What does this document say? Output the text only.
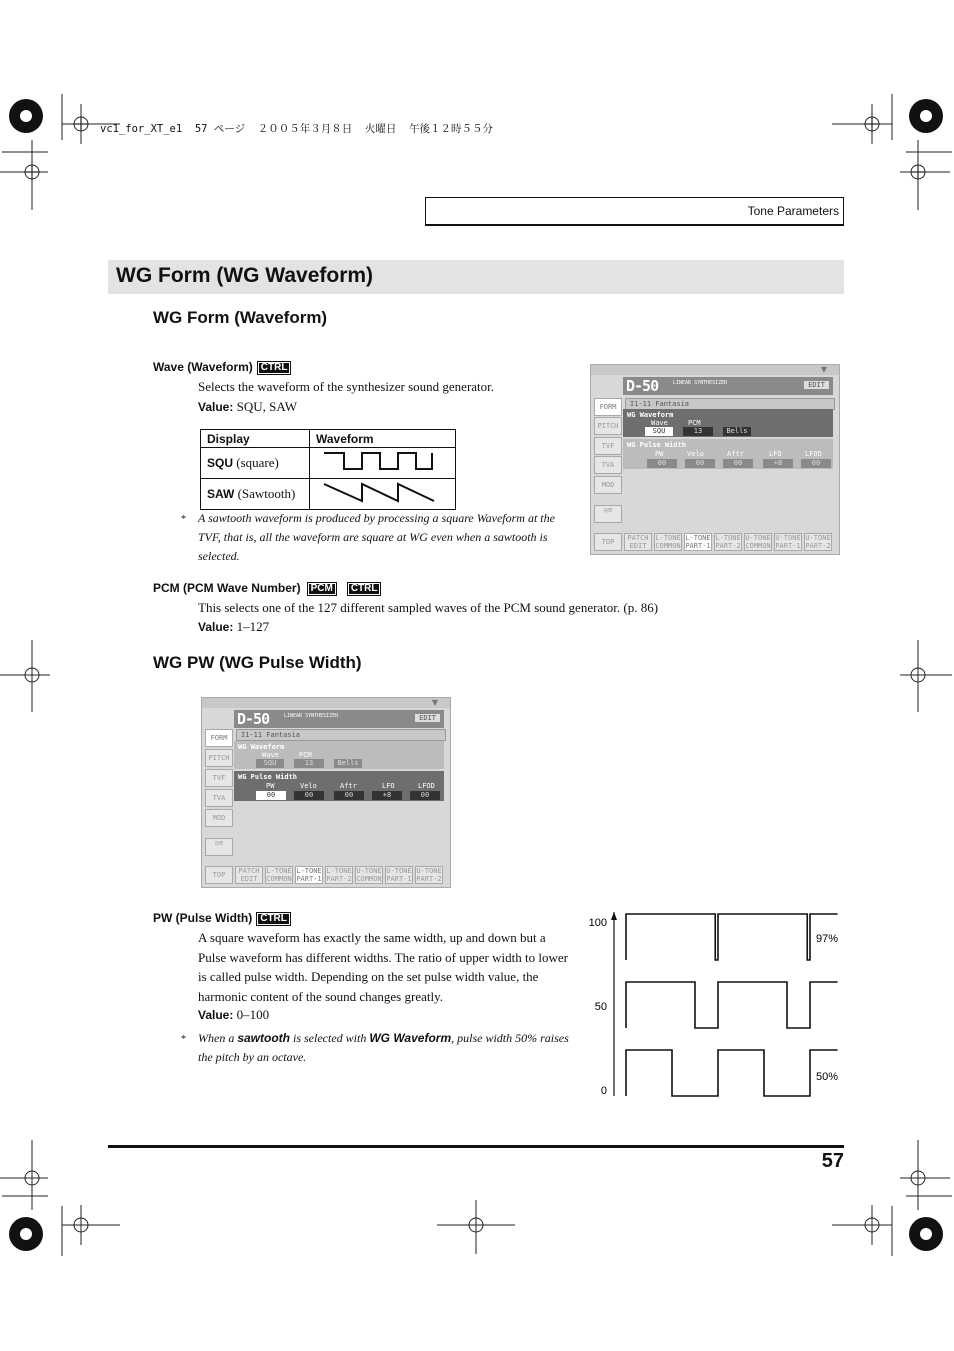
vc1_for_XT_e1  57 ページ  ２００５年３月８日  火曜日  午後１２時５５分
Tone Parameters
WG Form (WG Waveform)
WG Form (Waveform)
Wave (Waveform) CTRL
Selects the waveform of the synthesizer sound generator.
Value: SQU, SAW
Display	Waveform
SQU (square)	
SAW (Sawtooth)	
* A sawtooth waveform is produced by processing a square Waveform at the TVF, that is, all the waveform are square at WG even when a sawtooth is selected.
PCM (PCM Wave Number) PCM CTRL
This selects one of the 127 different sampled waves of the PCM sound generator. (p. 86)
Value: 1–127
WG PW (WG Pulse Width)
▼
D-50	LINEAR SYNTHESIZER	EDIT
I1-11 Fantasia
FORM
PITCH
TVF
TVA
MOD
WG Waveform
Wave	PCM
SQU	13	Bells
WG Pulse Width
PW	Velo	Aftr	LFO	LFOD
00	00	00	+8	00
◎≡
TOP	PATCH EDIT
L-TONE COMMON
L-TONE PART-1
L-TONE PART-2
U-TONE COMMON
U-TONE PART-1
U-TONE PART-2
▼
D-50	LINEAR SYNTHESIZER	EDIT
I1-11 Fantasia
FORM
PITCH
TVF
TVA
MOD
WG Waveform
Wave	PCM
SQU	13	Bells
WG Pulse Width
PW	Velo	Aftr	LFO	LFOD
00	00	00	+8	00
◎≡
TOP	PATCH EDIT
L-TONE COMMON
L-TONE PART-1
L-TONE PART-2
U-TONE COMMON
U-TONE PART-1
U-TONE PART-2
PW (Pulse Width) CTRL
A square waveform has exactly the same width, up and down but a Pulse waveform has different widths. The ratio of upper width to lower is called pulse width. Depending on the set pulse width value, the harmonic content of the sound changes greatly.
Value: 0–100
* When a sawtooth is selected with WG Waveform, pulse width 50% raises the pitch by an octave.
100
50
0
97%
50%
57
